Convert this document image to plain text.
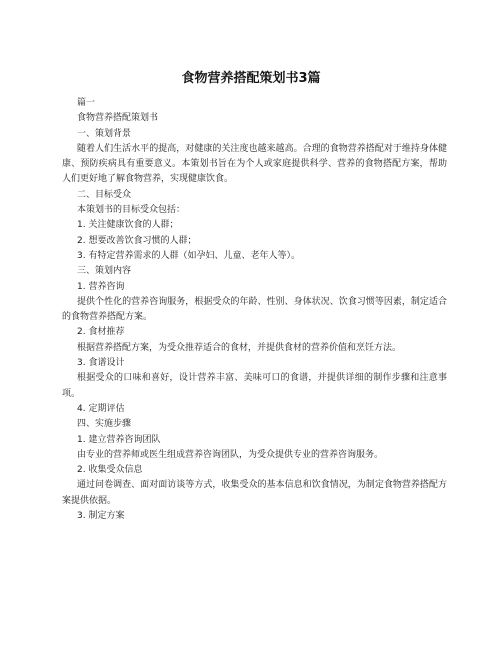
食物营养搭配策划书3篇

篇一

食物营养搭配策划书

一、策划背景

随着人们生活水平的提高，对健康的关注度也越来越高。合理的食物营养搭配对于维持身体健康、预防疾病具有重要意义。本策划书旨在为个人或家庭提供科学、营养的食物搭配方案，帮助人们更好地了解食物营养，实现健康饮食。

二、目标受众

本策划书的目标受众包括：

1. 关注健康饮食的人群；

2. 想要改善饮食习惯的人群；

3. 有特定营养需求的人群（如孕妇、儿童、老年人等）。

三、策划内容

1. 营养咨询

提供个性化的营养咨询服务，根据受众的年龄、性别、身体状况、饮食习惯等因素，制定适合的食物营养搭配方案。

2. 食材推荐

根据营养搭配方案，为受众推荐适合的食材，并提供食材的营养价值和烹饪方法。

3. 食谱设计

根据受众的口味和喜好，设计营养丰富、美味可口的食谱，并提供详细的制作步骤和注意事项。

4. 定期评估

四、实施步骤

1. 建立营养咨询团队

由专业的营养师或医生组成营养咨询团队，为受众提供专业的营养咨询服务。

2. 收集受众信息

通过问卷调查、面对面访谈等方式，收集受众的基本信息和饮食情况，为制定食物营养搭配方案提供依据。

3. 制定方案
